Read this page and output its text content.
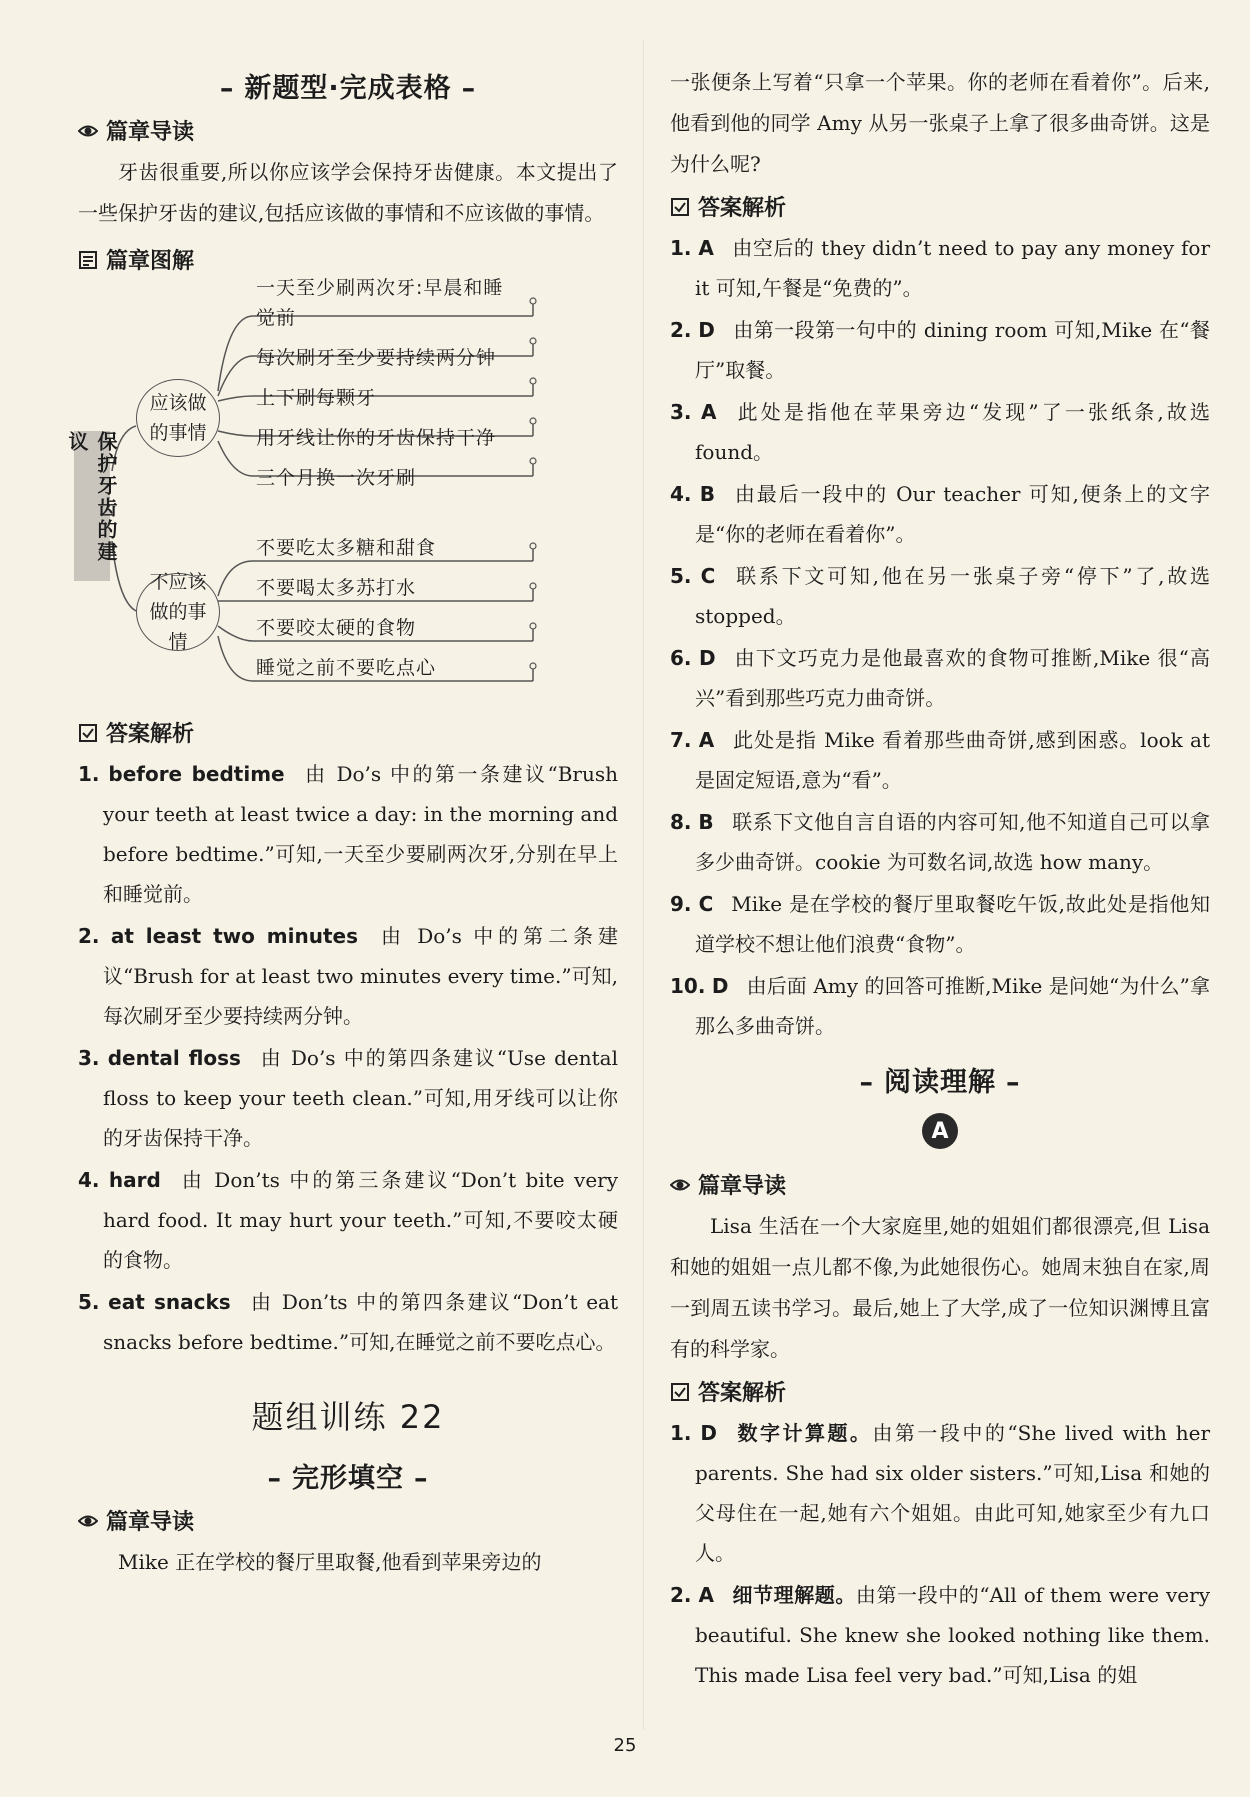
– 新题型·完成表格 –
篇章导读

牙齿很重要,所以你应该学会保持牙齿健康。本文提出了一些保护牙齿的建议,包括应该做的事情和不应该做的事情。

篇章图解
保护牙齿的建议
应该做的事情
不应该做的事情
一天至少刷两次牙:早晨和睡
觉前
每次刷牙至少要持续两分钟
上下刷每颗牙
用牙线让你的牙齿保持干净
三个月换一次牙刷
不要吃太多糖和甜食
不要喝太多苏打水
不要咬太硬的食物
睡觉之前不要吃点心
答案解析

1. before bedtime 由 Do’s 中的第一条建议“Brush your teeth at least twice a day: in the morning and before bedtime.”可知,一天至少要刷两次牙,分别在早上和睡觉前。

2. at least two minutes 由 Do’s 中的第二条建议“Brush for at least two minutes every time.”可知,每次刷牙至少要持续两分钟。

3. dental floss 由 Do’s 中的第四条建议“Use dental floss to keep your teeth clean.”可知,用牙线可以让你的牙齿保持干净。

4. hard 由 Don’ts 中的第三条建议“Don’t bite very hard food. It may hurt your teeth.”可知,不要咬太硬的食物。

5. eat snacks 由 Don’ts 中的第四条建议“Don’t eat snacks before bedtime.”可知,在睡觉之前不要吃点心。

题组训练 22
– 完形填空 –
篇章导读

Mike 正在学校的餐厅里取餐,他看到苹果旁边的

一张便条上写着“只拿一个苹果。你的老师在看着你”。后来,他看到他的同学 Amy 从另一张桌子上拿了很多曲奇饼。这是为什么呢?

答案解析

1. A 由空后的 they didn’t need to pay any money for it 可知,午餐是“免费的”。

2. D 由第一段第一句中的 dining room 可知,Mike 在“餐厅”取餐。

3. A 此处是指他在苹果旁边“发现”了一张纸条,故选 found。

4. B 由最后一段中的 Our teacher 可知,便条上的文字是“你的老师在看着你”。

5. C 联系下文可知,他在另一张桌子旁“停下”了,故选 stopped。

6. D 由下文巧克力是他最喜欢的食物可推断,Mike 很“高兴”看到那些巧克力曲奇饼。

7. A 此处是指 Mike 看着那些曲奇饼,感到困惑。look at 是固定短语,意为“看”。

8. B 联系下文他自言自语的内容可知,他不知道自己可以拿多少曲奇饼。cookie 为可数名词,故选 how many。

9. C Mike 是在学校的餐厅里取餐吃午饭,故此处是指他知道学校不想让他们浪费“食物”。

10. D 由后面 Amy 的回答可推断,Mike 是问她“为什么”拿那么多曲奇饼。

– 阅读理解 –
A
篇章导读

Lisa 生活在一个大家庭里,她的姐姐们都很漂亮,但 Lisa 和她的姐姐一点儿都不像,为此她很伤心。她周末独自在家,周一到周五读书学习。最后,她上了大学,成了一位知识渊博且富有的科学家。

答案解析

1. D 数字计算题。由第一段中的“She lived with her parents. She had six older sisters.”可知,Lisa 和她的父母住在一起,她有六个姐姐。由此可知,她家至少有九口人。

2. A 细节理解题。由第一段中的“All of them were very beautiful. She knew she looked nothing like them. This made Lisa feel very bad.”可知,Lisa 的姐

25
